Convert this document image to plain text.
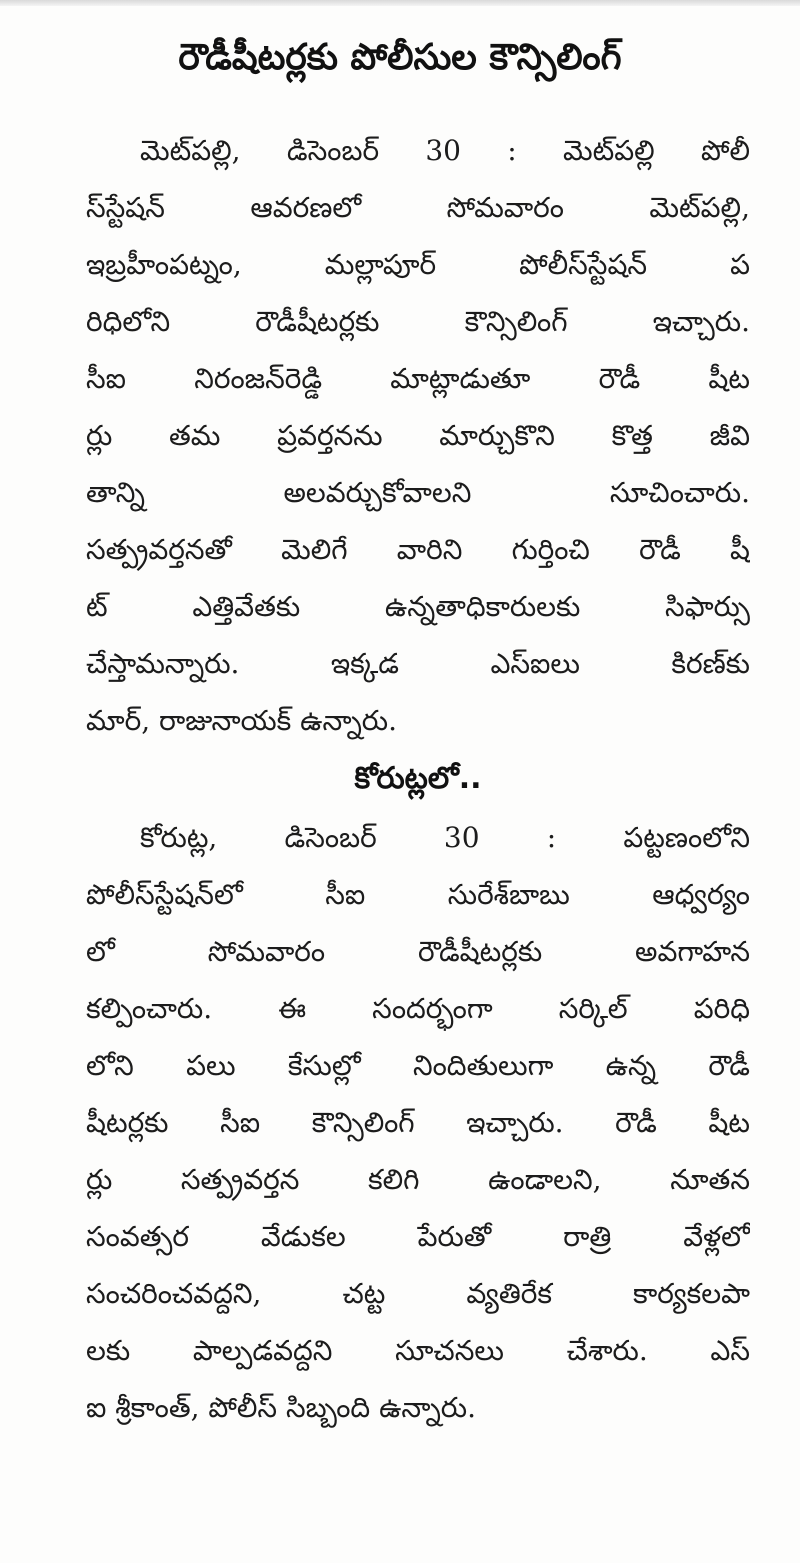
రౌడీషీటర్లకు పోలీసుల కౌన్సిలింగ్
మెట్‌పల్లి, డిసెంబర్ 30 : మెట్‌పల్లి పోలీ
స్‌స్టేషన్ ఆవరణలో సోమవారం మెట్‌పల్లి,
ఇబ్రహీంపట్నం, మల్లాపూర్ పోలీస్‌స్టేషన్ ప
రిధిలోని రౌడీషీటర్లకు కౌన్సిలింగ్ ఇచ్చారు.
సీఐ నిరంజన్‌రెడ్డి మాట్లాడుతూ రౌడీ షీట
ర్లు తమ ప్రవర్తనను మార్చుకొని కొత్త జీవి
తాన్ని అలవర్చుకోవాలని సూచించారు.
సత్ప్రవర్తనతో మెలిగే వారిని గుర్తించి రౌడీ షీ
ట్ ఎత్తివేతకు ఉన్నతాధికారులకు సిఫార్సు
చేస్తామన్నారు. ఇక్కడ ఎస్‌ఐలు కిరణ్‌కు
మార్, రాజునాయక్ ఉన్నారు.
కోరుట్లలో..
కోరుట్ల, డిసెంబర్ 30 : పట్టణంలోని
పోలీస్‌స్టేషన్‌లో సీఐ సురేశ్‌బాబు ఆధ్వర్యం
లో సోమవారం రౌడీషీటర్లకు అవగాహన
కల్పించారు. ఈ సందర్భంగా సర్కిల్ పరిధి
లోని పలు కేసుల్లో నిందితులుగా ఉన్న రౌడీ
షీటర్లకు సీఐ కౌన్సిలింగ్ ఇచ్చారు. రౌడీ షీట
ర్లు సత్ప్రవర్తన కలిగి ఉండాలని, నూతన
సంవత్సర వేడుకల పేరుతో రాత్రి వేళ్లలో
సంచరించవద్దని, చట్ట వ్యతిరేక కార్యకలపా
లకు పాల్పడవద్దని సూచనలు చేశారు. ఎస్
ఐ శ్రీకాంత్, పోలీస్ సిబ్బంది ఉన్నారు.
